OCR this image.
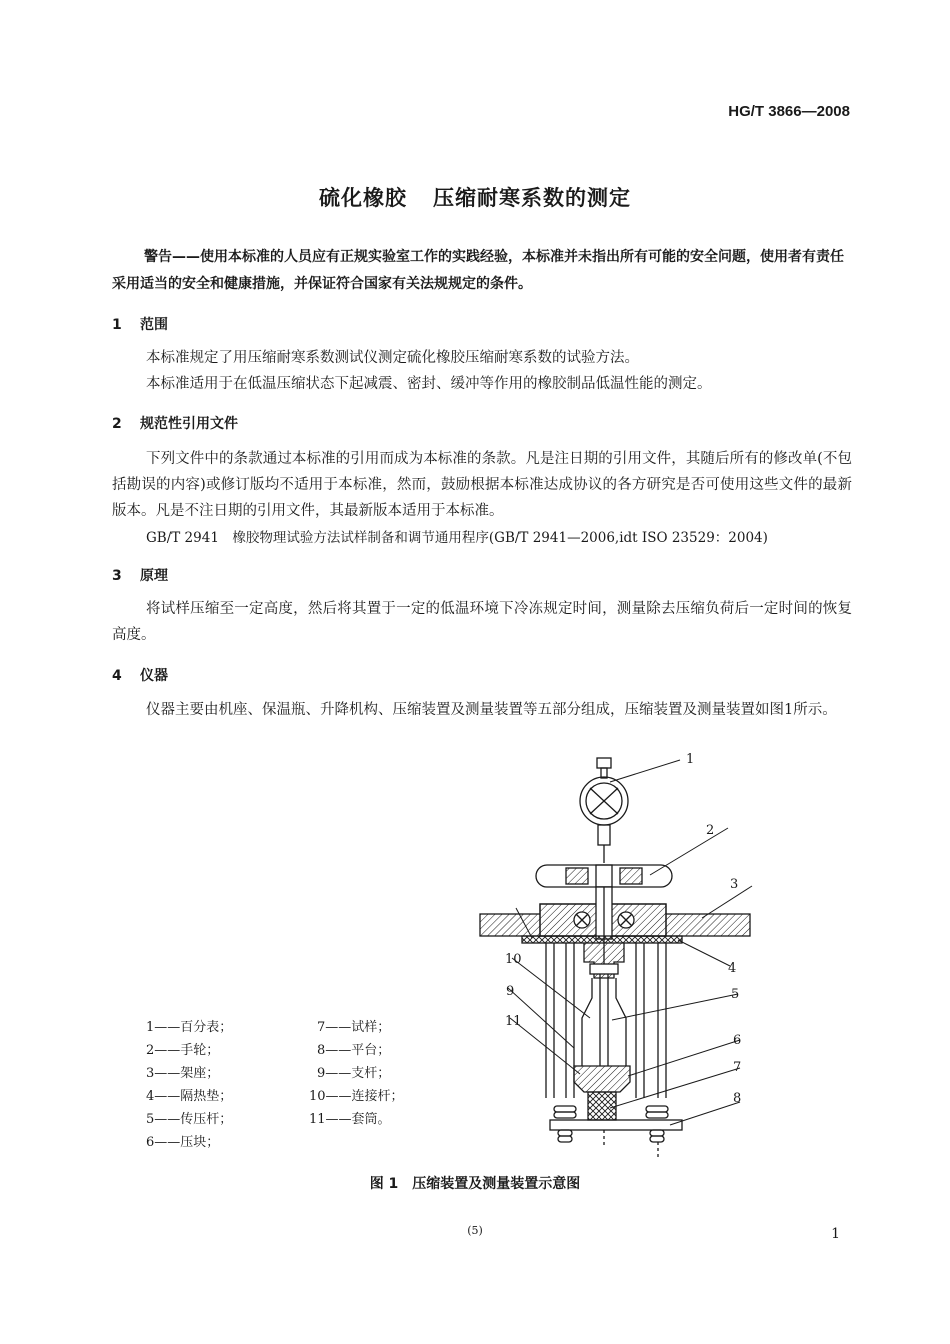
HG/T 3866—2008
硫化橡胶 压缩耐寒系数的测定
警告——使用本标准的人员应有正规实验室工作的实践经验，本标准并未指出所有可能的安全问题，使用者有责任采用适当的安全和健康措施，并保证符合国家有关法规规定的条件。
1 范围
本标准规定了用压缩耐寒系数测试仪测定硫化橡胶压缩耐寒系数的试验方法。
本标准适用于在低温压缩状态下起减震、密封、缓冲等作用的橡胶制品低温性能的测定。
2 规范性引用文件
下列文件中的条款通过本标准的引用而成为本标准的条款。凡是注日期的引用文件，其随后所有的修改单(不包括勘误的内容)或修订版均不适用于本标准，然而，鼓励根据本标准达成协议的各方研究是否可使用这些文件的最新版本。凡是不注日期的引用文件，其最新版本适用于本标准。
GB/T 2941　橡胶物理试验方法试样制备和调节通用程序(GB/T 2941—2006,idt ISO 23529：2004)
3 原理
将试样压缩至一定高度，然后将其置于一定的低温环境下冷冻规定时间，测量除去压缩负荷后一定时间的恢复高度。
4 仪器
仪器主要由机座、保温瓶、升降机构、压缩装置及测量装置等五部分组成，压缩装置及测量装置如图1所示。
1——百分表；
2——手轮；
3——架座；
4——隔热垫；
5——传压杆；
6——压块；
7——试样；
8——平台；
9——支杆；
10——连接杆；
11——套筒。
1
2
3
4
5
6
7
8
9
10
11
图 1　压缩装置及测量装置示意图
(5)	1
